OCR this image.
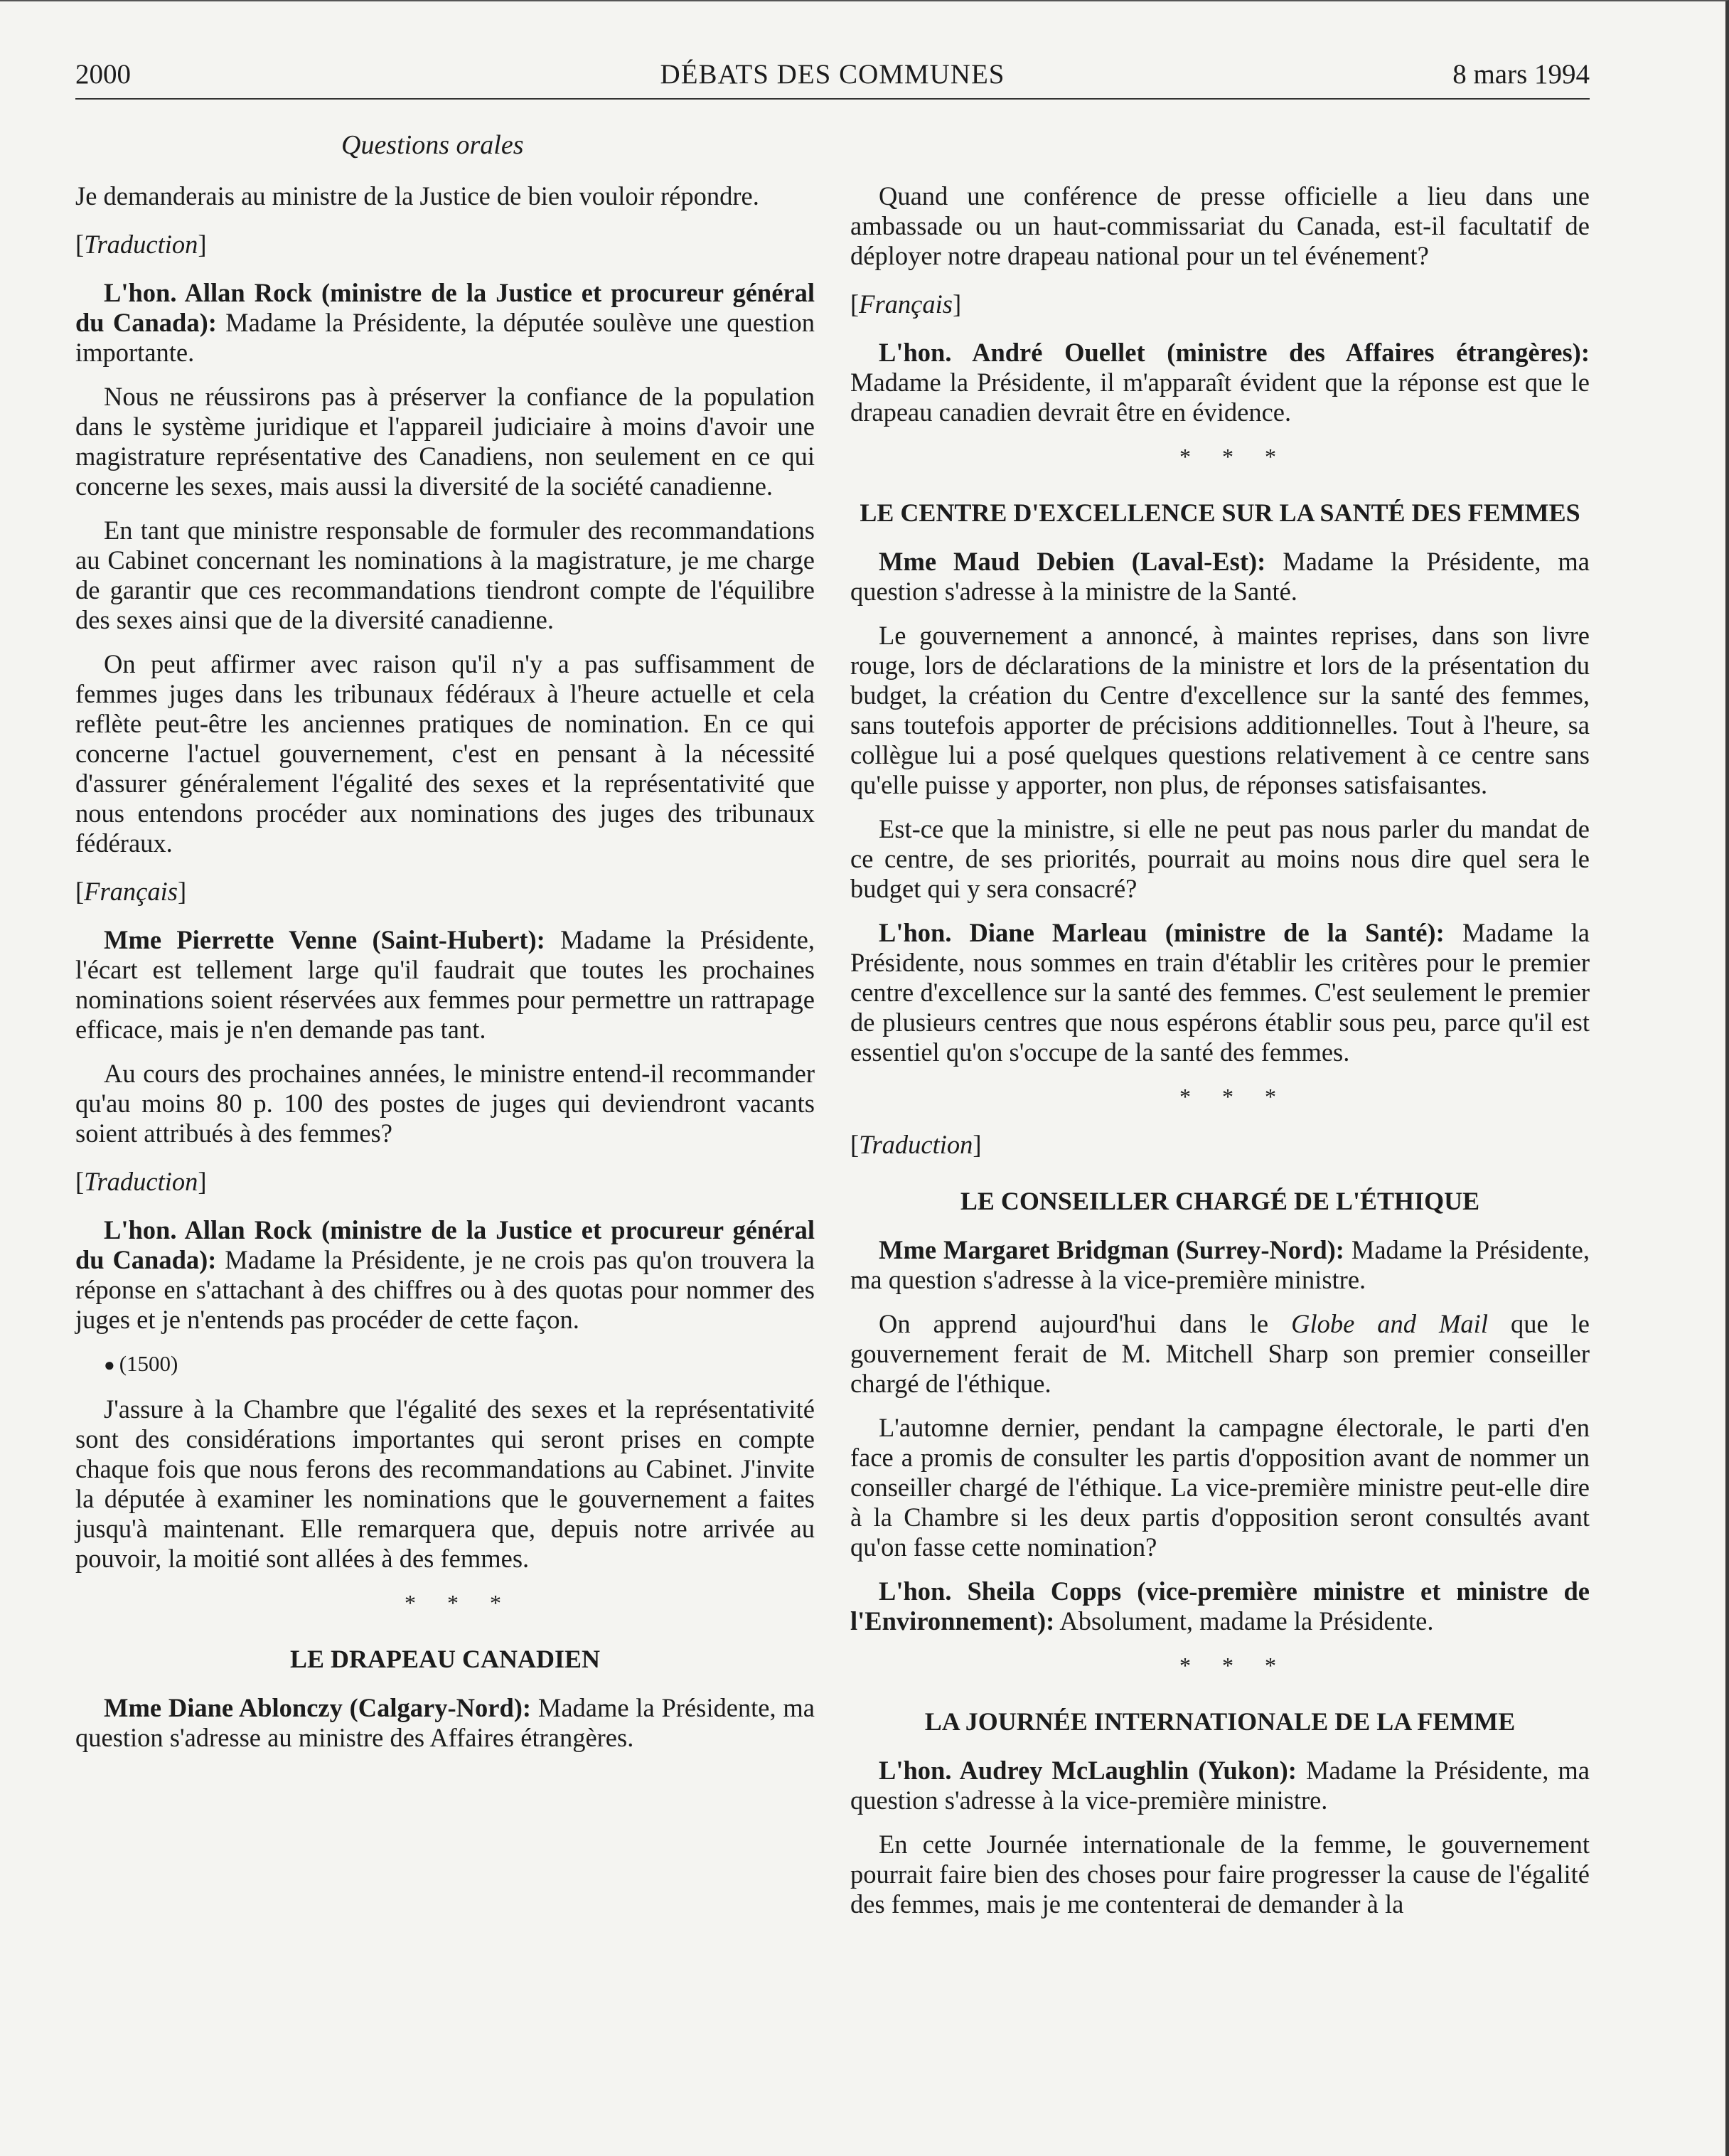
2000	DÉBATS DES COMMUNES	8 mars 1994
Questions orales

Je demanderais au ministre de la Justice de bien vouloir répondre.

[Traduction]

L'hon. Allan Rock (ministre de la Justice et procureur général du Canada): Madame la Présidente, la députée soulève une question importante.

Nous ne réussirons pas à préserver la confiance de la population dans le système juridique et l'appareil judiciaire à moins d'avoir une magistrature représentative des Canadiens, non seulement en ce qui concerne les sexes, mais aussi la diversité de la société canadienne.

En tant que ministre responsable de formuler des recommandations au Cabinet concernant les nominations à la magistrature, je me charge de garantir que ces recommandations tiendront compte de l'équilibre des sexes ainsi que de la diversité canadienne.

On peut affirmer avec raison qu'il n'y a pas suffisamment de femmes juges dans les tribunaux fédéraux à l'heure actuelle et cela reflète peut-être les anciennes pratiques de nomination. En ce qui concerne l'actuel gouvernement, c'est en pensant à la nécessité d'assurer généralement l'égalité des sexes et la représentativité que nous entendons procéder aux nominations des juges des tribunaux fédéraux.

[Français]

Mme Pierrette Venne (Saint-Hubert): Madame la Présidente, l'écart est tellement large qu'il faudrait que toutes les prochaines nominations soient réservées aux femmes pour permettre un rattrapage efficace, mais je n'en demande pas tant.

Au cours des prochaines années, le ministre entend-il recommander qu'au moins 80 p. 100 des postes de juges qui deviendront vacants soient attribués à des femmes?

[Traduction]

L'hon. Allan Rock (ministre de la Justice et procureur général du Canada): Madame la Présidente, je ne crois pas qu'on trouvera la réponse en s'attachant à des chiffres ou à des quotas pour nommer des juges et je n'entends pas procéder de cette façon.

● (1500)

J'assure à la Chambre que l'égalité des sexes et la représentativité sont des considérations importantes qui seront prises en compte chaque fois que nous ferons des recommandations au Cabinet. J'invite la députée à examiner les nominations que le gouvernement a faites jusqu'à maintenant. Elle remarquera que, depuis notre arrivée au pouvoir, la moitié sont allées à des femmes.

* * *

LE DRAPEAU CANADIEN

Mme Diane Ablonczy (Calgary-Nord): Madame la Présidente, ma question s'adresse au ministre des Affaires étrangères.

Quand une conférence de presse officielle a lieu dans une ambassade ou un haut-commissariat du Canada, est-il facultatif de déployer notre drapeau national pour un tel événement?

[Français]

L'hon. André Ouellet (ministre des Affaires étrangères): Madame la Présidente, il m'apparaît évident que la réponse est que le drapeau canadien devrait être en évidence.

* * *

LE CENTRE D'EXCELLENCE SUR LA SANTÉ DES FEMMES

Mme Maud Debien (Laval-Est): Madame la Présidente, ma question s'adresse à la ministre de la Santé.

Le gouvernement a annoncé, à maintes reprises, dans son livre rouge, lors de déclarations de la ministre et lors de la présentation du budget, la création du Centre d'excellence sur la santé des femmes, sans toutefois apporter de précisions additionnelles. Tout à l'heure, sa collègue lui a posé quelques questions relativement à ce centre sans qu'elle puisse y apporter, non plus, de réponses satisfaisantes.

Est-ce que la ministre, si elle ne peut pas nous parler du mandat de ce centre, de ses priorités, pourrait au moins nous dire quel sera le budget qui y sera consacré?

L'hon. Diane Marleau (ministre de la Santé): Madame la Présidente, nous sommes en train d'établir les critères pour le premier centre d'excellence sur la santé des femmes. C'est seulement le premier de plusieurs centres que nous espérons établir sous peu, parce qu'il est essentiel qu'on s'occupe de la santé des femmes.

* * *

[Traduction]

LE CONSEILLER CHARGÉ DE L'ÉTHIQUE

Mme Margaret Bridgman (Surrey-Nord): Madame la Présidente, ma question s'adresse à la vice-première ministre.

On apprend aujourd'hui dans le Globe and Mail que le gouvernement ferait de M. Mitchell Sharp son premier conseiller chargé de l'éthique.

L'automne dernier, pendant la campagne électorale, le parti d'en face a promis de consulter les partis d'opposition avant de nommer un conseiller chargé de l'éthique. La vice-première ministre peut-elle dire à la Chambre si les deux partis d'opposition seront consultés avant qu'on fasse cette nomination?

L'hon. Sheila Copps (vice-première ministre et ministre de l'Environnement): Absolument, madame la Présidente.

* * *

LA JOURNÉE INTERNATIONALE DE LA FEMME

L'hon. Audrey McLaughlin (Yukon): Madame la Présidente, ma question s'adresse à la vice-première ministre.

En cette Journée internationale de la femme, le gouvernement pourrait faire bien des choses pour faire progresser la cause de l'égalité des femmes, mais je me contenterai de demander à la
